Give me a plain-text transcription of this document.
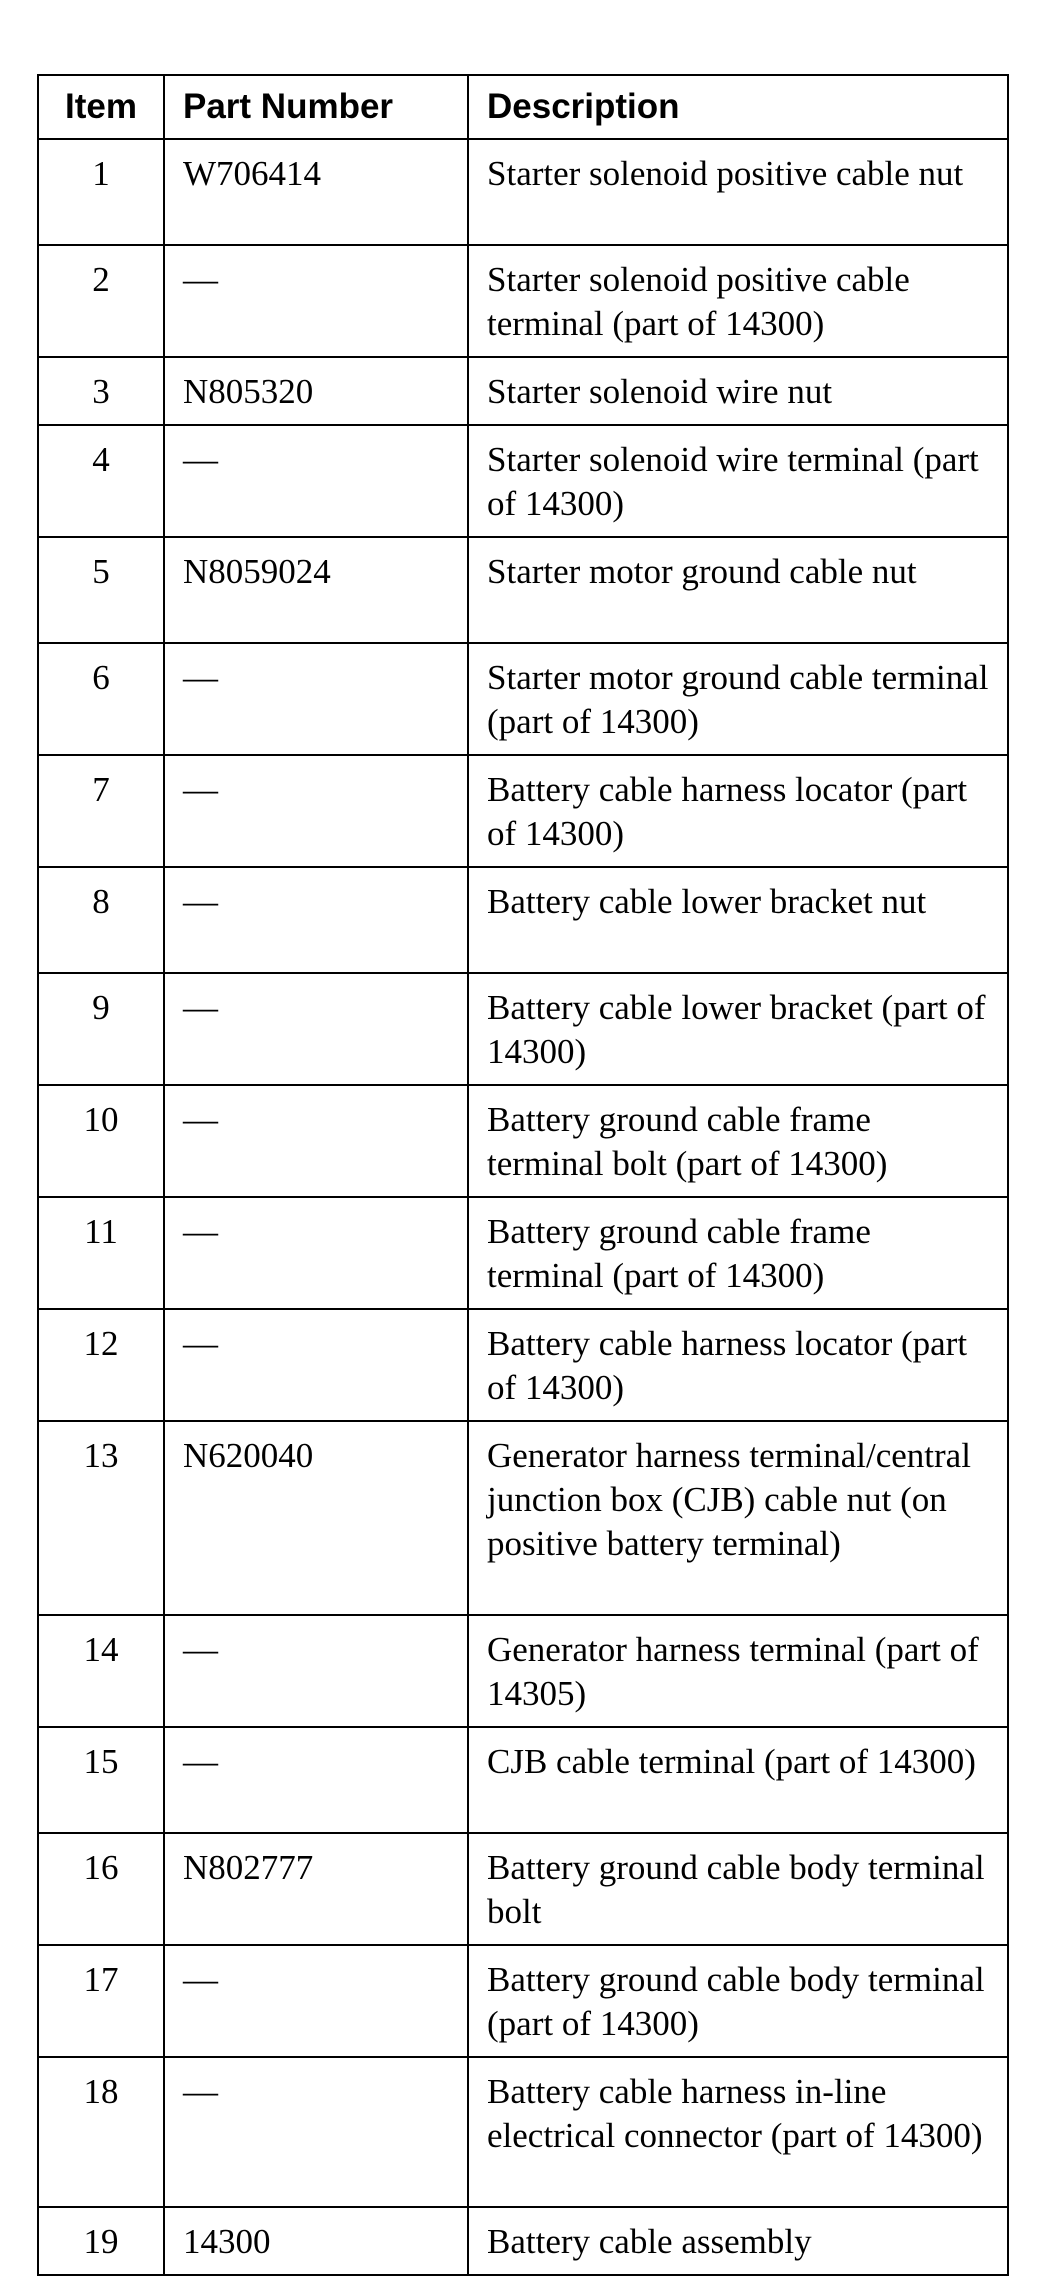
Item	Part Number	Description
1	W706414	Starter solenoid positive cable nut
2	—	Starter solenoid positive cable terminal (part of 14300)
3	N805320	Starter solenoid wire nut
4	—	Starter solenoid wire terminal (part of 14300)
5	N8059024	Starter motor ground cable nut
6	—	Starter motor ground cable terminal (part of 14300)
7	—	Battery cable harness locator (part of 14300)
8	—	Battery cable lower bracket nut
9	—	Battery cable lower bracket (part of 14300)
10	—	Battery ground cable frame terminal bolt (part of 14300)
11	—	Battery ground cable frame terminal (part of 14300)
12	—	Battery cable harness locator (part of 14300)
13	N620040	Generator harness terminal/central junction box (CJB) cable nut (on positive battery terminal)
14	—	Generator harness terminal (part of 14305)
15	—	CJB cable terminal (part of 14300)
16	N802777	Battery ground cable body terminal bolt
17	—	Battery ground cable body terminal (part of 14300)
18	—	Battery cable harness in-line electrical connector (part of 14300)
19	14300	Battery cable assembly
